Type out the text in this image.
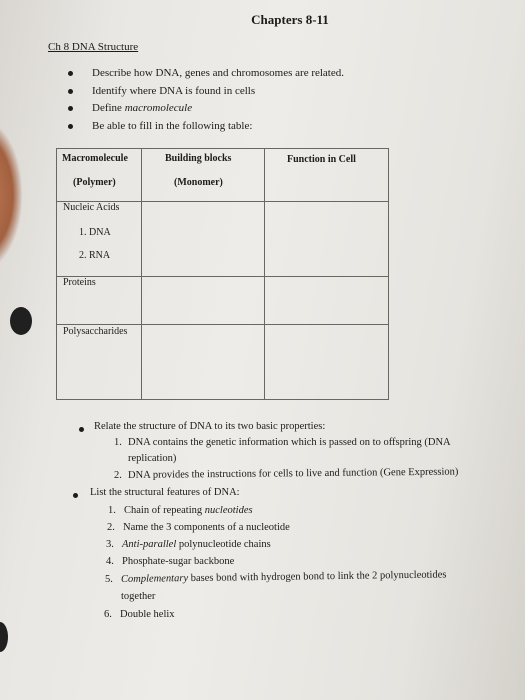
Chapters 8-11
Ch 8 DNA Structure
Describe how DNA, genes and chromosomes are related.
Identify where DNA is found in cells
Define macromolecule
Be able to fill in the following table:
Macromolecule
(Polymer)
Building blocks
(Monomer)
Function in Cell
Nucleic Acids
1. DNA
2. RNA
Proteins
Polysaccharides
Relate the structure of DNA to its two basic properties:
1. DNA contains the genetic information which is passed on to offspring (DNA
replication)
2. DNA provides the instructions for cells to live and function (Gene Expression)
List the structural features of DNA:
1. Chain of repeating nucleotides
2. Name the 3 components of a nucleotide
3. Anti-parallel polynucleotide chains
4. Phosphate-sugar backbone
5. Complementary bases bond with hydrogen bond to link the 2 polynucleotides
together
6. Double helix
